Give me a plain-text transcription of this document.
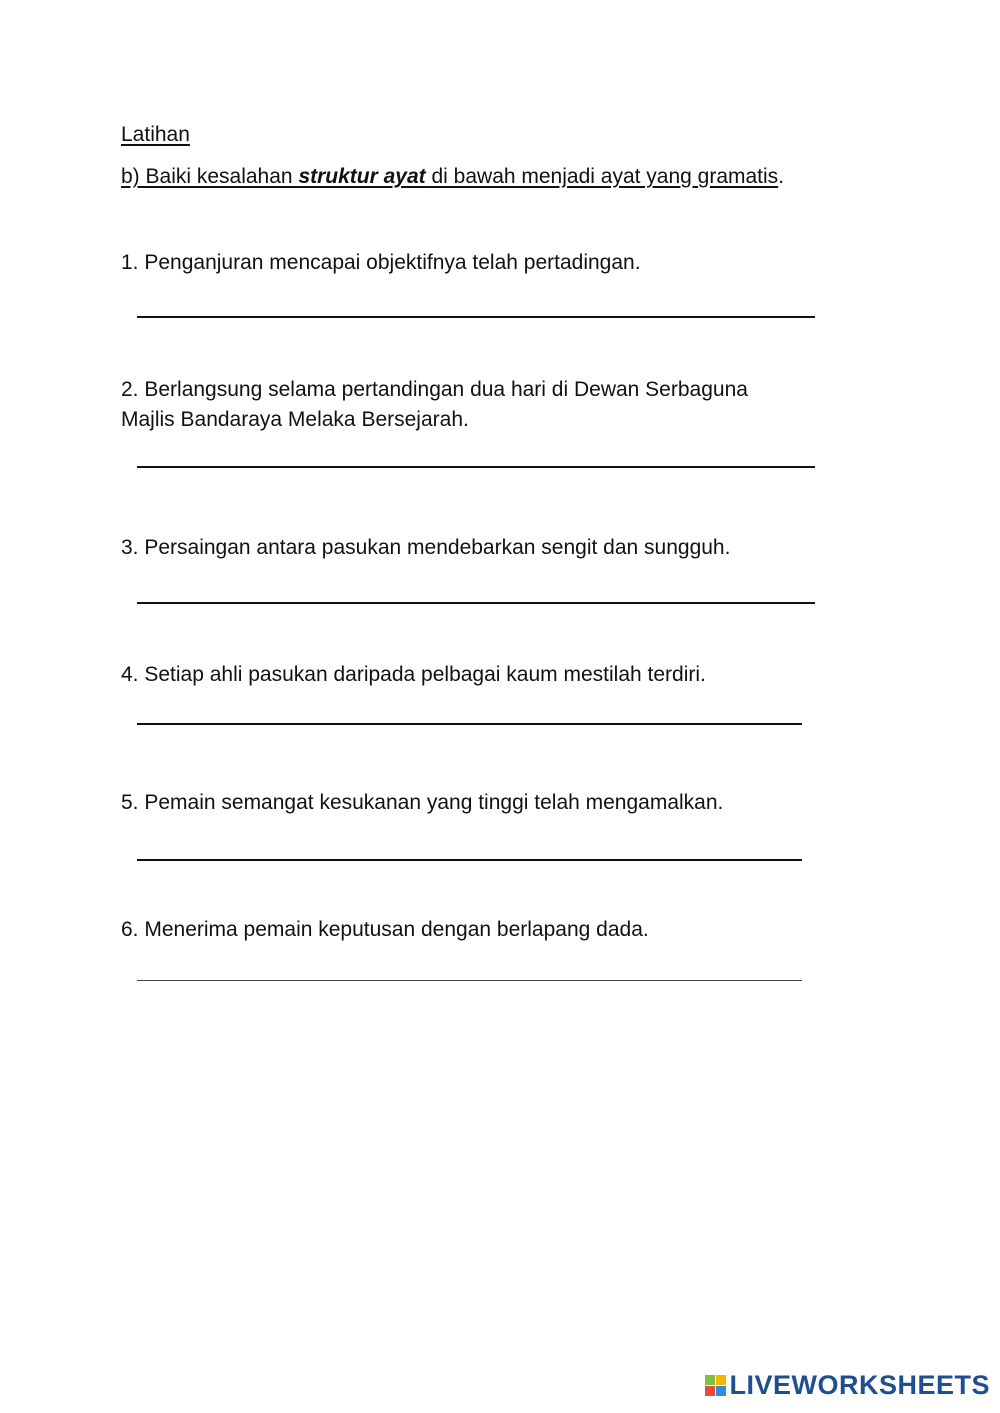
Latihan
b) Baiki kesalahan struktur ayat di bawah menjadi ayat yang gramatis.
1. Penganjuran mencapai objektifnya telah pertadingan.
2. Berlangsung selama pertandingan dua hari di Dewan Serbaguna
Majlis Bandaraya Melaka Bersejarah.
3. Persaingan antara pasukan mendebarkan sengit dan sungguh.
4. Setiap ahli pasukan daripada pelbagai kaum mestilah terdiri.
5. Pemain semangat kesukanan yang tinggi telah mengamalkan.
6. Menerima pemain keputusan dengan berlapang dada.
LIVEWORKSHEETS
